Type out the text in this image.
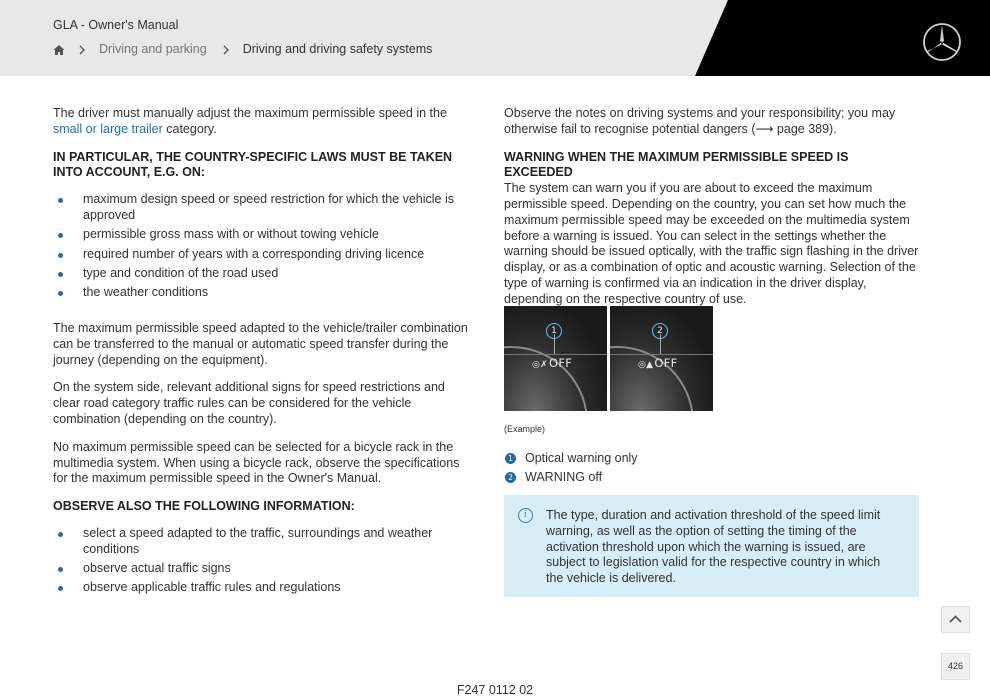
GLA - Owner's Manual
Driving and parking	Driving and driving safety systems

The driver must manually adjust the maximum permissible speed in the small or large trailer category.

IN PARTICULAR, THE COUNTRY-SPECIFIC LAWS MUST BE TAKEN INTO ACCOUNT, E.G. ON:

maximum design speed or speed restriction for which the vehicle is approved
permissible gross mass with or without towing vehicle
required number of years with a corresponding driving licence
type and condition of the road used
the weather conditions

The maximum permissible speed adapted to the vehicle/trailer combination can be transferred to the manual or automatic speed transfer during the journey (depending on the equipment).

On the system side, relevant additional signs for speed restrictions and clear road category traffic rules can be considered for the vehicle combination (depending on the country).

No maximum permissible speed can be selected for a bicycle rack in the multimedia system. When using a bicycle rack, observe the specifications for the maximum permissible speed in the Owner's Manual.

OBSERVE ALSO THE FOLLOWING INFORMATION:

select a speed adapted to the traffic, surroundings and weather conditions
observe actual traffic signs
observe applicable traffic rules and regulations

Observe the notes on driving systems and your responsibility; you may otherwise fail to recognise potential dangers (⟶ page 389).

WARNING WHEN THE MAXIMUM PERMISSIBLE SPEED IS EXCEEDED

The system can warn you if you are about to exceed the maximum permissible speed. Depending on the country, you can set how much the maximum permissible speed may be exceeded on the multimedia system before a warning is issued. You can select in the settings whether the warning should be issued optically, with the traffic sign flashing in the driver display, or as a combination of optic and acoustic warning. Selection of the type of warning is confirmed via an indication in the driver display, depending on the respective country of use.

1
◎✗OFF
2
◎▲OFF
(Example)
1 Optical warning only
2 WARNING off
i	The type, duration and activation threshold of the speed limit warning, as well as the option of setting the timing of the activation threshold upon which the warning is issued, are subject to legislation valid for the respective country in which the vehicle is delivered.
426
F247 0112 02
